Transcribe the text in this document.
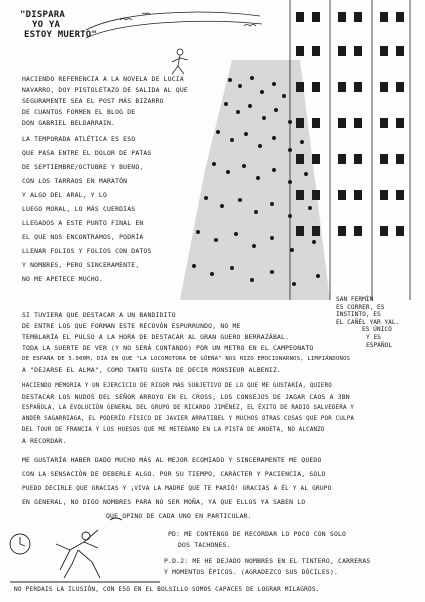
"DISPARA
YO YA
ESTOY MUERTO"
HACIENDO REFERENCIA A LA NOVELA DE LUCIA
NAVARRO, DOY PISTOLETAZO DE SALIDA AL QUE
SEGURAMENTE SEA EL POST MÁS BIZARRO
DE CUANTOS FORMEN EL BLOG DE
DON GABRIEL BELDARRAIN.
LA TEMPORADA ATLÉTICA ES ESO
QUE PASA ENTRE EL DOLOR DE PATAS
DE SEPTIEMBRE/OCTUBRE Y BUENO,
CON LOS TARRAOS EN MARATÓN
Y ALGO DEL ARAL, Y LO
LUEGO MORAL, LO MÁS CUERDIAS
LLEGADOS A ESTE PUNTO FINAL EN
EL QUE NOS ENCONTRAMOS, PODRÍA
LLENAR FOLIOS Y FOLIOS CON DATOS
Y NOMBRES, PERO SINCERAMENTE,
NO ME APETECE MUCHO.
SAN FERMÍN
ES CORRER, ES
INSTINTO, ES
EL CAÑÉL YAR YAL.
ES ÚNICO
Y ES
ESPAÑOL
SI TUVIERA QUE DESTACAR A UN BANDIDITO
DE ENTRE LOS QUE FORMAN ESTE RECOVÓN ESPURRUNDO, NO ME
TEMBLARÍA EL PULSO A LA HORA DE DESTACAR AL GRAN GUERO BERRAZÁBAL.
TODA LA SUERTE DE VER (Y NO SERÁ CONTANDO) POR UN METRO EN EL CAMPEONATO
DE ESPAÑA DE 5.000M, DÍA EN QUE "LA LOCOMOTORA DE GÜEÑA" NOS HIZO EMOCIONARNOS, LIMPIÁNDONOS
A "DEJARSE EL ALMA", COMO TANTO GUSTA DE DECIR MONSIEUR ALBENIZ.
HACIENDO MEMORIA Y UN EJERCICIO DE RIGOR MÁS SUBJETIVO DE LO QUE ME GUSTARÍA, QUIERO
DESTACAR LOS NUDOS DEL SEÑOR ARROYO EN EL CROSS, LOS CONSEJOS DE JAGAR CAOS A 3BN
ESPAÑOLA, LA EVOLUCIÓN GENERAL DEL GRUPO DE RICARDO JIMÉNEZ, EL ÉXITO DE RADIO SALVEDERA Y
ANDER SAGARRIAGA, EL PODERÍO FÍSICO DE JAVIER ARRATIBEL Y MUCHOS OTRAS COSAS QUE POR CULPA
DEL TOUR DE FRANCIA Y LOS HUESOS QUE ME METEDANO EN LA PISTA DE ANOETA, NO ALCANZO
A RECORDAR.
ME GUSTARÍA HABER DADO MUCHO MÁS AL MEJOR ECOMIADO Y SINCERAMENTE ME QUEDO
CON LA SENSACIÓN DE DEBERLE ALGO. POR SU TIEMPO, CARÁCTER Y PACIENCIA, SOLO
PUEDO DECIRLE QUE GRACIAS Y ¡VIVA LA MADRE QUE TE PARIÓ! GRACIAS A ÉL Y AL GRUPO
EN GENERAL, NO DIGO NOMBRES PARA NO SER MOÑA, YA QUE ELLOS YA SABEN LO
QUE OPINO DE CADA UNO EN PARTICULAR.
PD: ME CONTENGO DE RECORDAR LO POCO CON SOLO
DOS TACHONES.
P.D.2: ME HE DEJADO NOMBRES EN EL TINTERO, CARRERAS
Y MOMENTOS ÉPICOS. (AGRADEZCO SUS DÓCILES).
NO PERDAIS LA ILUSIÓN, CON ESO EN EL BOLSILLO SOMOS CAPACES DE LOGRAR MILAGROS.
